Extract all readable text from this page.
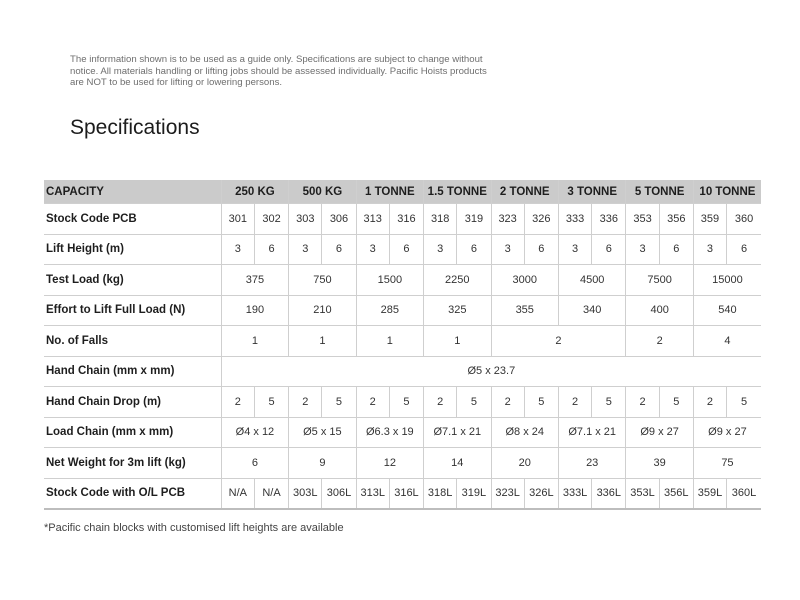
The information shown is to be used as a guide only. Specifications are subject to change without notice. All materials handling or lifting jobs should be assessed individually. Pacific Hoists products are NOT to be used for lifting or lowering persons.
Specifications
CAPACITY	250 KG		500 KG		1 TONNE		1.5 TONNE		2 TONNE		3 TONNE		5 TONNE		10 TONNE	
Stock Code PCB	301	302	303	306	313	316	318	319	323	326	333	336	353	356	359	360
Lift Height (m)	3	6	3	6	3	6	3	6	3	6	3	6	3	6	3	6
Test Load (kg)	375		750		1500		2250		3000		4500		7500		15000	
Effort to Lift Full Load (N)	190		210		285		325		355		340		400		540	
No. of Falls	1		1		1		1		2				2		4	
Hand Chain (mm x mm)	Ø5 x 23.7															
Hand Chain Drop (m)	2	5	2	5	2	5	2	5	2	5	2	5	2	5	2	5
Load Chain (mm x mm)	Ø4 x 12		Ø5 x 15		Ø6.3 x 19		Ø7.1 x 21		Ø8 x 24		Ø7.1 x 21		Ø9 x 27		Ø9 x 27	
Net Weight for 3m lift (kg)	6		9		12		14		20		23		39		75	
Stock Code with O/L PCB	N/A	N/A	303L	306L	313L	316L	318L	319L	323L	326L	333L	336L	353L	356L	359L	360L
*Pacific chain blocks with customised lift heights are available
